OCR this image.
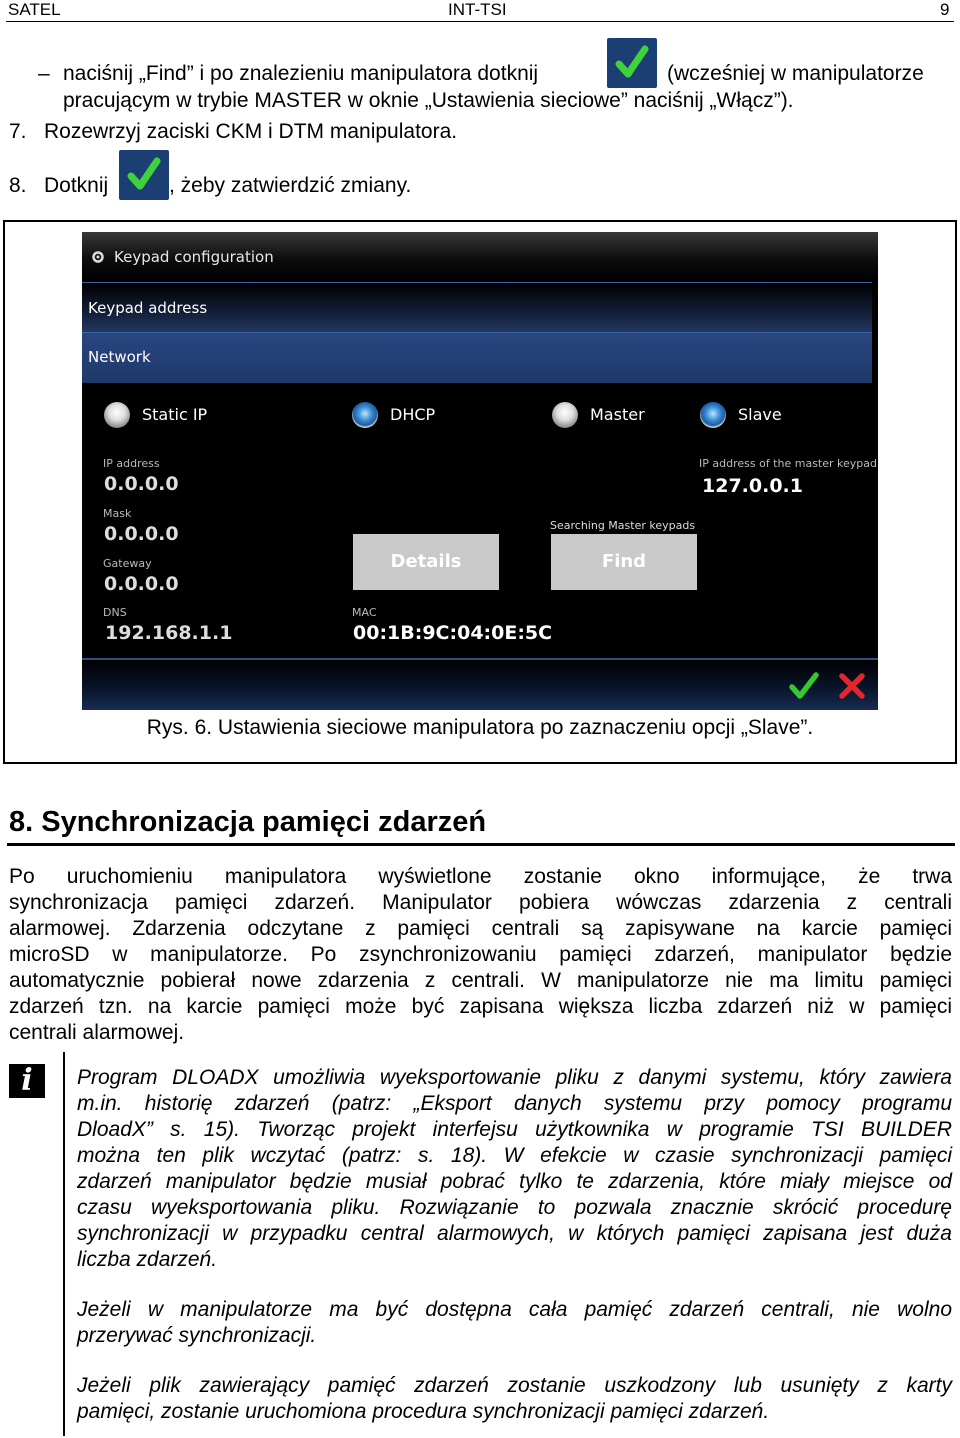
SATEL	INT-TSI	9
– naciśnij „Find” i po znalezieniu manipulatora dotknij	(wcześniej w manipulatorze
pracującym w trybie MASTER w oknie „Ustawienia sieciowe” naciśnij „Włącz”).
7. Rozewrzyj zaciski CKM i DTM manipulatora.
8. Dotknij	, żeby zatwierdzić zmiany.
Keypad configuration
Keypad address
Network
Static IP	DHCP	Master	Slave
IP address
0.0.0.0
Mask
0.0.0.0
Gateway
0.0.0.0
DNS
192.168.1.1
IP address of the master keypad
127.0.0.1
Searching Master keypads
Details	Find
MAC
00:1B:9C:04:0E:5C
Rys. 6. Ustawienia sieciowe manipulatora po zaznaczeniu opcji „Slave”.
8. Synchronizacja pamięci zdarzeń
Po uruchomieniu manipulatora wyświetlone zostanie okno informujące, że trwa
synchronizacja pamięci zdarzeń. Manipulator pobiera wówczas zdarzenia z centrali
alarmowej. Zdarzenia odczytane z pamięci centrali są zapisywane na karcie pamięci
microSD w manipulatorze. Po zsynchronizowaniu pamięci zdarzeń, manipulator będzie
automatycznie pobierał nowe zdarzenia z centrali. W manipulatorze nie ma limitu pamięci
zdarzeń tzn. na karcie pamięci może być zapisana większa liczba zdarzeń niż w pamięci
centrali alarmowej.
i	Program DLOADX umożliwia wyeksportowanie pliku z danymi systemu, który zawiera
m.in. historię zdarzeń (patrz: „Eksport danych systemu przy pomocy programu
DloadX” s. 15). Tworząc projekt interfejsu użytkownika w programie TSI BUILDER
można ten plik wczytać (patrz: s. 18). W efekcie w czasie synchronizacji pamięci
zdarzeń manipulator będzie musiał pobrać tylko te zdarzenia, które miały miejsce od
czasu wyeksportowania pliku. Rozwiązanie to pozwala znacznie skrócić procedurę
synchronizacji w przypadku central alarmowych, w których pamięci zapisana jest duża
liczba zdarzeń.
Jeżeli w manipulatorze ma być dostępna cała pamięć zdarzeń centrali, nie wolno
przerywać synchronizacji.
Jeżeli plik zawierający pamięć zdarzeń zostanie uszkodzony lub usunięty z karty
pamięci, zostanie uruchomiona procedura synchronizacji pamięci zdarzeń.
